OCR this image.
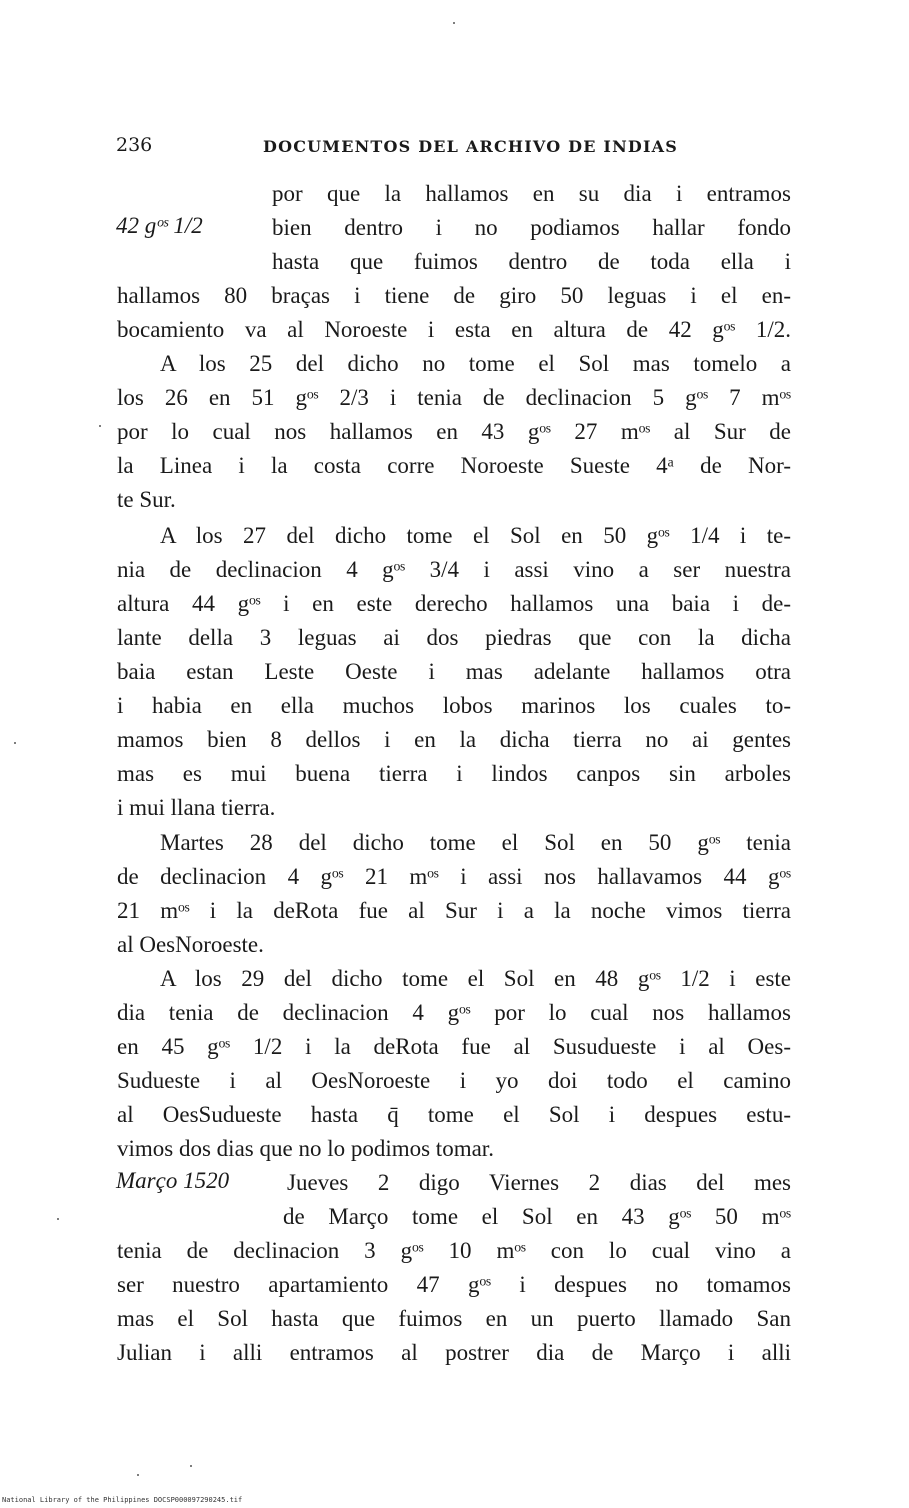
236	DOCUMENTOS DEL ARCHIVO DE INDIAS
42 gᵒˢ 1/2
Março 1520
por que la hallamos en su dia i entramos
bien dentro i no podiamos hallar fondo
hasta que fuimos dentro de toda ella i
hallamos 80 braças i tiene de giro 50 leguas i el en-
bocamiento va al Noroeste i esta en altura de 42 gᵒˢ 1/2.
A los 25 del dicho no tome el Sol mas tomelo a
los 26 en 51 gᵒˢ 2/3 i tenia de declinacion 5 gᵒˢ 7 mᵒˢ
por lo cual nos hallamos en 43 gᵒˢ 27 mᵒˢ al Sur de
la Linea i la costa corre Noroeste Sueste 4ᵃ de Nor-
te Sur.
A los 27 del dicho tome el Sol en 50 gᵒˢ 1/4 i te-
nia de declinacion 4 gᵒˢ 3/4 i assi vino a ser nuestra
altura 44 gᵒˢ i en este derecho hallamos una baia i de-
lante della 3 leguas ai dos piedras que con la dicha
baia estan Leste Oeste i mas adelante hallamos otra
i habia en ella muchos lobos marinos los cuales to-
mamos bien 8 dellos i en la dicha tierra no ai gentes
mas es mui buena tierra i lindos canpos sin arboles
i mui llana tierra.
Martes 28 del dicho tome el Sol en 50 gᵒˢ tenia
de declinacion 4 gᵒˢ 21 mᵒˢ i assi nos hallavamos 44 gᵒˢ
21 mᵒˢ i la deRota fue al Sur i a la noche vimos tierra
al OesNoroeste.
A los 29 del dicho tome el Sol en 48 gᵒˢ 1/2 i este
dia tenia de declinacion 4 gᵒˢ por lo cual nos hallamos
en 45 gᵒˢ 1/2 i la deRota fue al Susudueste i al Oes-
Sudueste i al OesNoroeste i yo doi todo el camino
al OesSudueste hasta q̄ tome el Sol i despues estu-
vimos dos dias que no lo podimos tomar.
Jueves 2 digo Viernes 2 dias del mes
de Março tome el Sol en 43 gᵒˢ 50 mᵒˢ
tenia de declinacion 3 gᵒˢ 10 mᵒˢ con lo cual vino a
ser nuestro apartamiento 47 gᵒˢ i despues no tomamos
mas el Sol hasta que fuimos en un puerto llamado San
Julian i alli entramos al postrer dia de Março i alli
National Library of the Philippines DOCSP000097290245.tif
